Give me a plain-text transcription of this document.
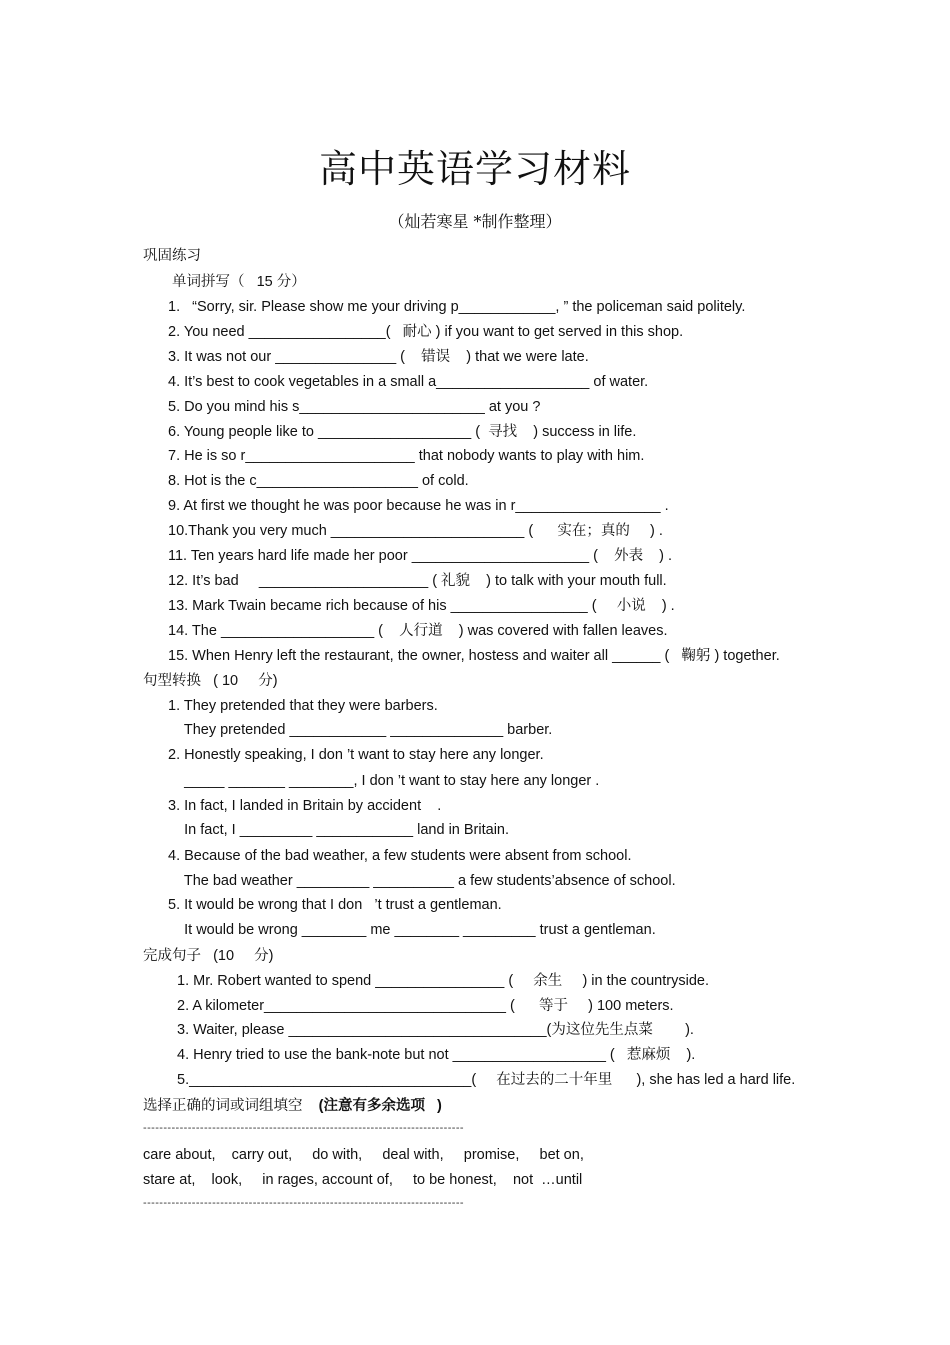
高中英语学习材料
（灿若寒星 *制作整理）
巩固练习
单词拼写（   15 分）
1.   “Sorry, sir. Please show me your driving p____________, ” the policeman said politely.
2. You need _________________(   耐心 ) if you want to get served in this shop.
3. It was not our _______________ (    错误    ) that we were late.
4. It’s best to cook vegetables in a small a___________________ of water.
5. Do you mind his s_______________________ at you ?
6. Young people like to ___________________ (  寻找    ) success in life.
7. He is so r_____________________ that nobody wants to play with him.
8. Hot is the c____________________ of cold.
9. At first we thought he was poor because he was in r__________________ .
10.Thank you very much ________________________ (      实在；真的     ) .
11. Ten years hard life made her poor ______________________ (    外表    ) .
12. It’s bad     _____________________ ( 礼貌    ) to talk with your mouth full.
13. Mark Twain became rich because of his _________________ (     小说    ) .
14. The ___________________ (    人行道    ) was covered with fallen leaves.
15. When Henry left the restaurant, the owner, hostess and waiter all ______ (   鞠躬 ) together.
句型转换   ( 10     分)
1. They pretended that they were barbers.
They pretended ____________ ______________ barber.
2. Honestly speaking, I don ’t want to stay here any longer.
_____ _______ ________, I don ’t want to stay here any longer .
3. In fact, I landed in Britain by accident    .
In fact, I _________ ____________ land in Britain.
4. Because of the bad weather, a few students were absent from school.
The bad weather _________ __________ a few students’absence of school.
5. It would be wrong that I don   ’t trust a gentleman.
It would be wrong ________ me ________ _________ trust a gentleman.
完成句子   (10     分)
1. Mr. Robert wanted to spend ________________ (     余生     ) in the countryside.
2. A kilometer______________________________ (      等于     ) 100 meters.
3. Waiter, please ________________________________(为这位先生点菜        ).
4. Henry tried to use the bank-note but not ___________________ (   惹麻烦    ).
5.___________________________________(     在过去的二十年里      ), she has led a hard life.
选择正确的词或词组填空 (注意有多余选项   )
-------------------------------------------------------------------------------
care about,    carry out,     do with,     deal with,     promise,     bet on,
stare at,    look,     in rages, account of,     to be honest,    not  …until
-------------------------------------------------------------------------------
